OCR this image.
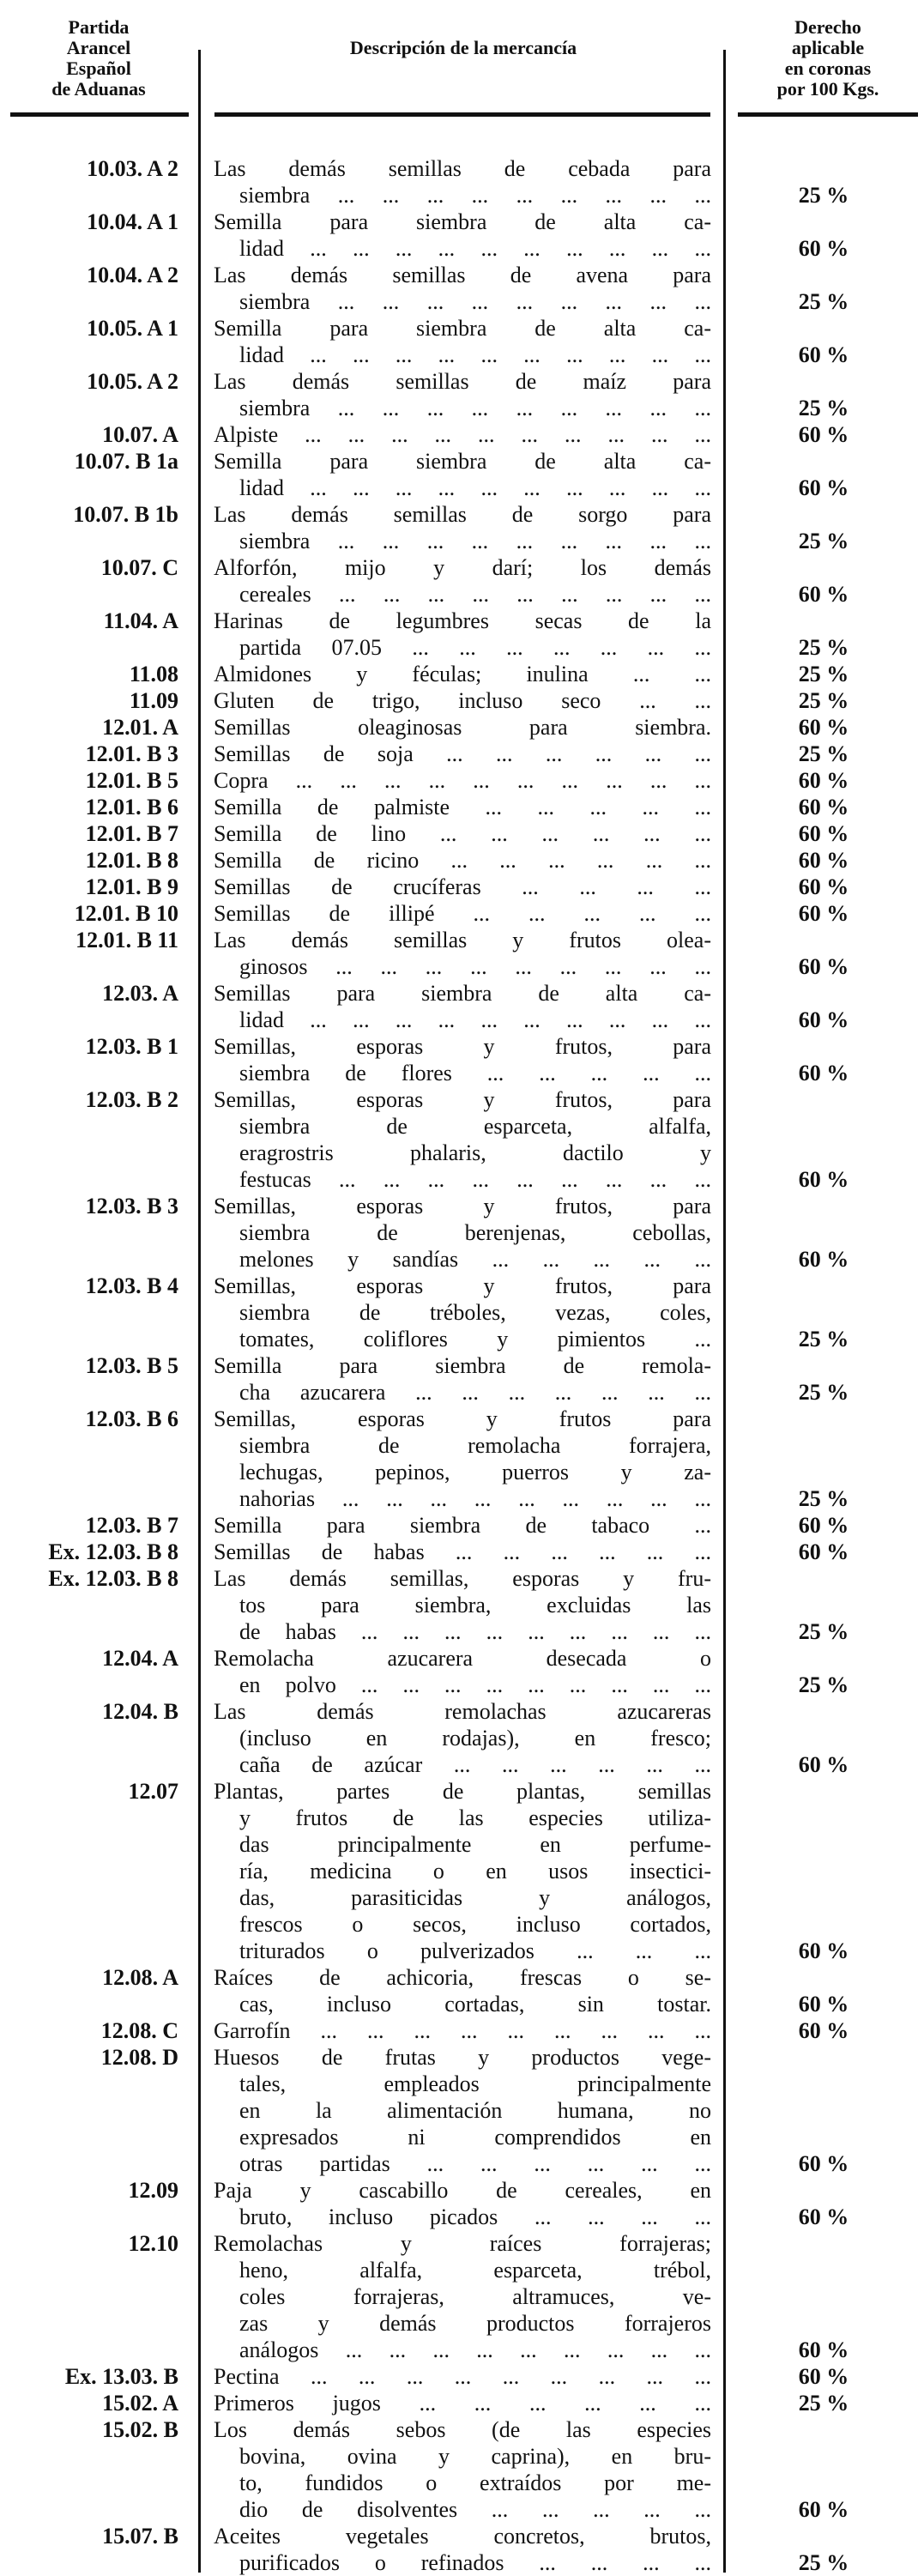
Partida
Arancel
Español
de Aduanas
Descripción de la mercancía
Derecho
aplicable
en coronas
por 100 Kgs.
10.03. A 2 Las demás semillas de cebada para
siembra ... ... ... ... ... ... ... ... ...	25 %
10.04. A 1 Semilla para siembra de alta ca-
lidad ... ... ... ... ... ... ... ... ... ...	60 %
10.04. A 2 Las demás semillas de avena para
siembra ... ... ... ... ... ... ... ... ...	25 %
10.05. A 1 Semilla para siembra de alta ca-
lidad ... ... ... ... ... ... ... ... ... ...	60 %
10.05. A 2 Las demás semillas de maíz para
siembra ... ... ... ... ... ... ... ... ...	25 %
10.07. A Alpiste ... ... ... ... ... ... ... ... ... ...	60 %
10.07. B 1a Semilla para siembra de alta ca-
lidad ... ... ... ... ... ... ... ... ... ...	60 %
10.07. B 1b Las demás semillas de sorgo para
siembra ... ... ... ... ... ... ... ... ...	25 %
10.07. C Alforfón, mijo y darí; los demás
cereales ... ... ... ... ... ... ... ... ...	60 %
11.04. A Harinas de legumbres secas de la
partida 07.05 ... ... ... ... ... ... ...	25 %
11.08 Almidones y féculas; inulina ... ...	25 %
11.09 Gluten de trigo, incluso seco ... ...	25 %
12.01. A Semillas oleaginosas para siembra.	60 %
12.01. B 3 Semillas de soja ... ... ... ... ... ...	25 %
12.01. B 5 Copra ... ... ... ... ... ... ... ... ... ...	60 %
12.01. B 6 Semilla de palmiste ... ... ... ... ...	60 %
12.01. B 7 Semilla de lino ... ... ... ... ... ...	60 %
12.01. B 8 Semilla de ricino ... ... ... ... ... ...	60 %
12.01. B 9 Semillas de crucíferas ... ... ... ...	60 %
12.01. B 10 Semillas de illipé ... ... ... ... ...	60 %
12.01. B 11 Las demás semillas y frutos olea-
ginosos ... ... ... ... ... ... ... ... ...	60 %
12.03. A Semillas para siembra de alta ca-
lidad ... ... ... ... ... ... ... ... ... ...	60 %
12.03. B 1 Semillas, esporas y frutos, para
siembra de flores ... ... ... ... ...	60 %
12.03. B 2 Semillas, esporas y frutos, para
siembra de esparceta, alfalfa,
eragrostris phalaris, dactilo y
festucas ... ... ... ... ... ... ... ... ...	60 %
12.03. B 3 Semillas, esporas y frutos, para
siembra de berenjenas, cebollas,
melones y sandías ... ... ... ... ...	60 %
12.03. B 4 Semillas, esporas y frutos, para
siembra de tréboles, vezas, coles,
tomates, coliflores y pimientos ...	25 %
12.03. B 5 Semilla para siembra de remola-
cha azucarera ... ... ... ... ... ... ...	25 %
12.03. B 6 Semillas, esporas y frutos para
siembra de remolacha forrajera,
lechugas, pepinos, puerros y za-
nahorias ... ... ... ... ... ... ... ... ...	25 %
12.03. B 7 Semilla para siembra de tabaco ...	60 %
Ex. 12.03. B 8 Semillas de habas ... ... ... ... ... ...	60 %
Ex. 12.03. B 8 Las demás semillas, esporas y fru-
tos para siembra, excluidas las
de habas ... ... ... ... ... ... ... ... ...	25 %
12.04. A Remolacha azucarera desecada o
en polvo ... ... ... ... ... ... ... ... ...	25 %
12.04. B Las demás remolachas azucareras
(incluso en rodajas), en fresco;
caña de azúcar ... ... ... ... ... ...	60 %
12.07 Plantas, partes de plantas, semillas
y frutos de las especies utiliza-
das principalmente en perfume-
ría, medicina o en usos insectici-
das, parasiticidas y análogos,
frescos o secos, incluso cortados,
triturados o pulverizados ... ... ...	60 %
12.08. A Raíces de achicoria, frescas o se-
cas, incluso cortadas, sin tostar.	60 %
12.08. C Garrofín ... ... ... ... ... ... ... ... ...	60 %
12.08. D Huesos de frutas y productos vege-
tales, empleados principalmente
en la alimentación humana, no
expresados ni comprendidos en
otras partidas ... ... ... ... ... ...	60 %
12.09 Paja y cascabillo de cereales, en
bruto, incluso picados ... ... ... ...	60 %
12.10 Remolachas y raíces forrajeras;
heno, alfalfa, esparceta, trébol,
coles forrajeras, altramuces, ve-
zas y demás productos forrajeros
análogos ... ... ... ... ... ... ... ... ...	60 %
Ex. 13.03. B Pectina ... ... ... ... ... ... ... ... ...	60 %
15.02. A Primeros jugos ... ... ... ... ... ...	25 %
15.02. B Los demás sebos (de las especies
bovina, ovina y caprina), en bru-
to, fundidos o extraídos por me-
dio de disolventes ... ... ... ... ...	60 %
15.07. B Aceites vegetales concretos, brutos,
purificados o refinados ... ... ... ...	25 %
